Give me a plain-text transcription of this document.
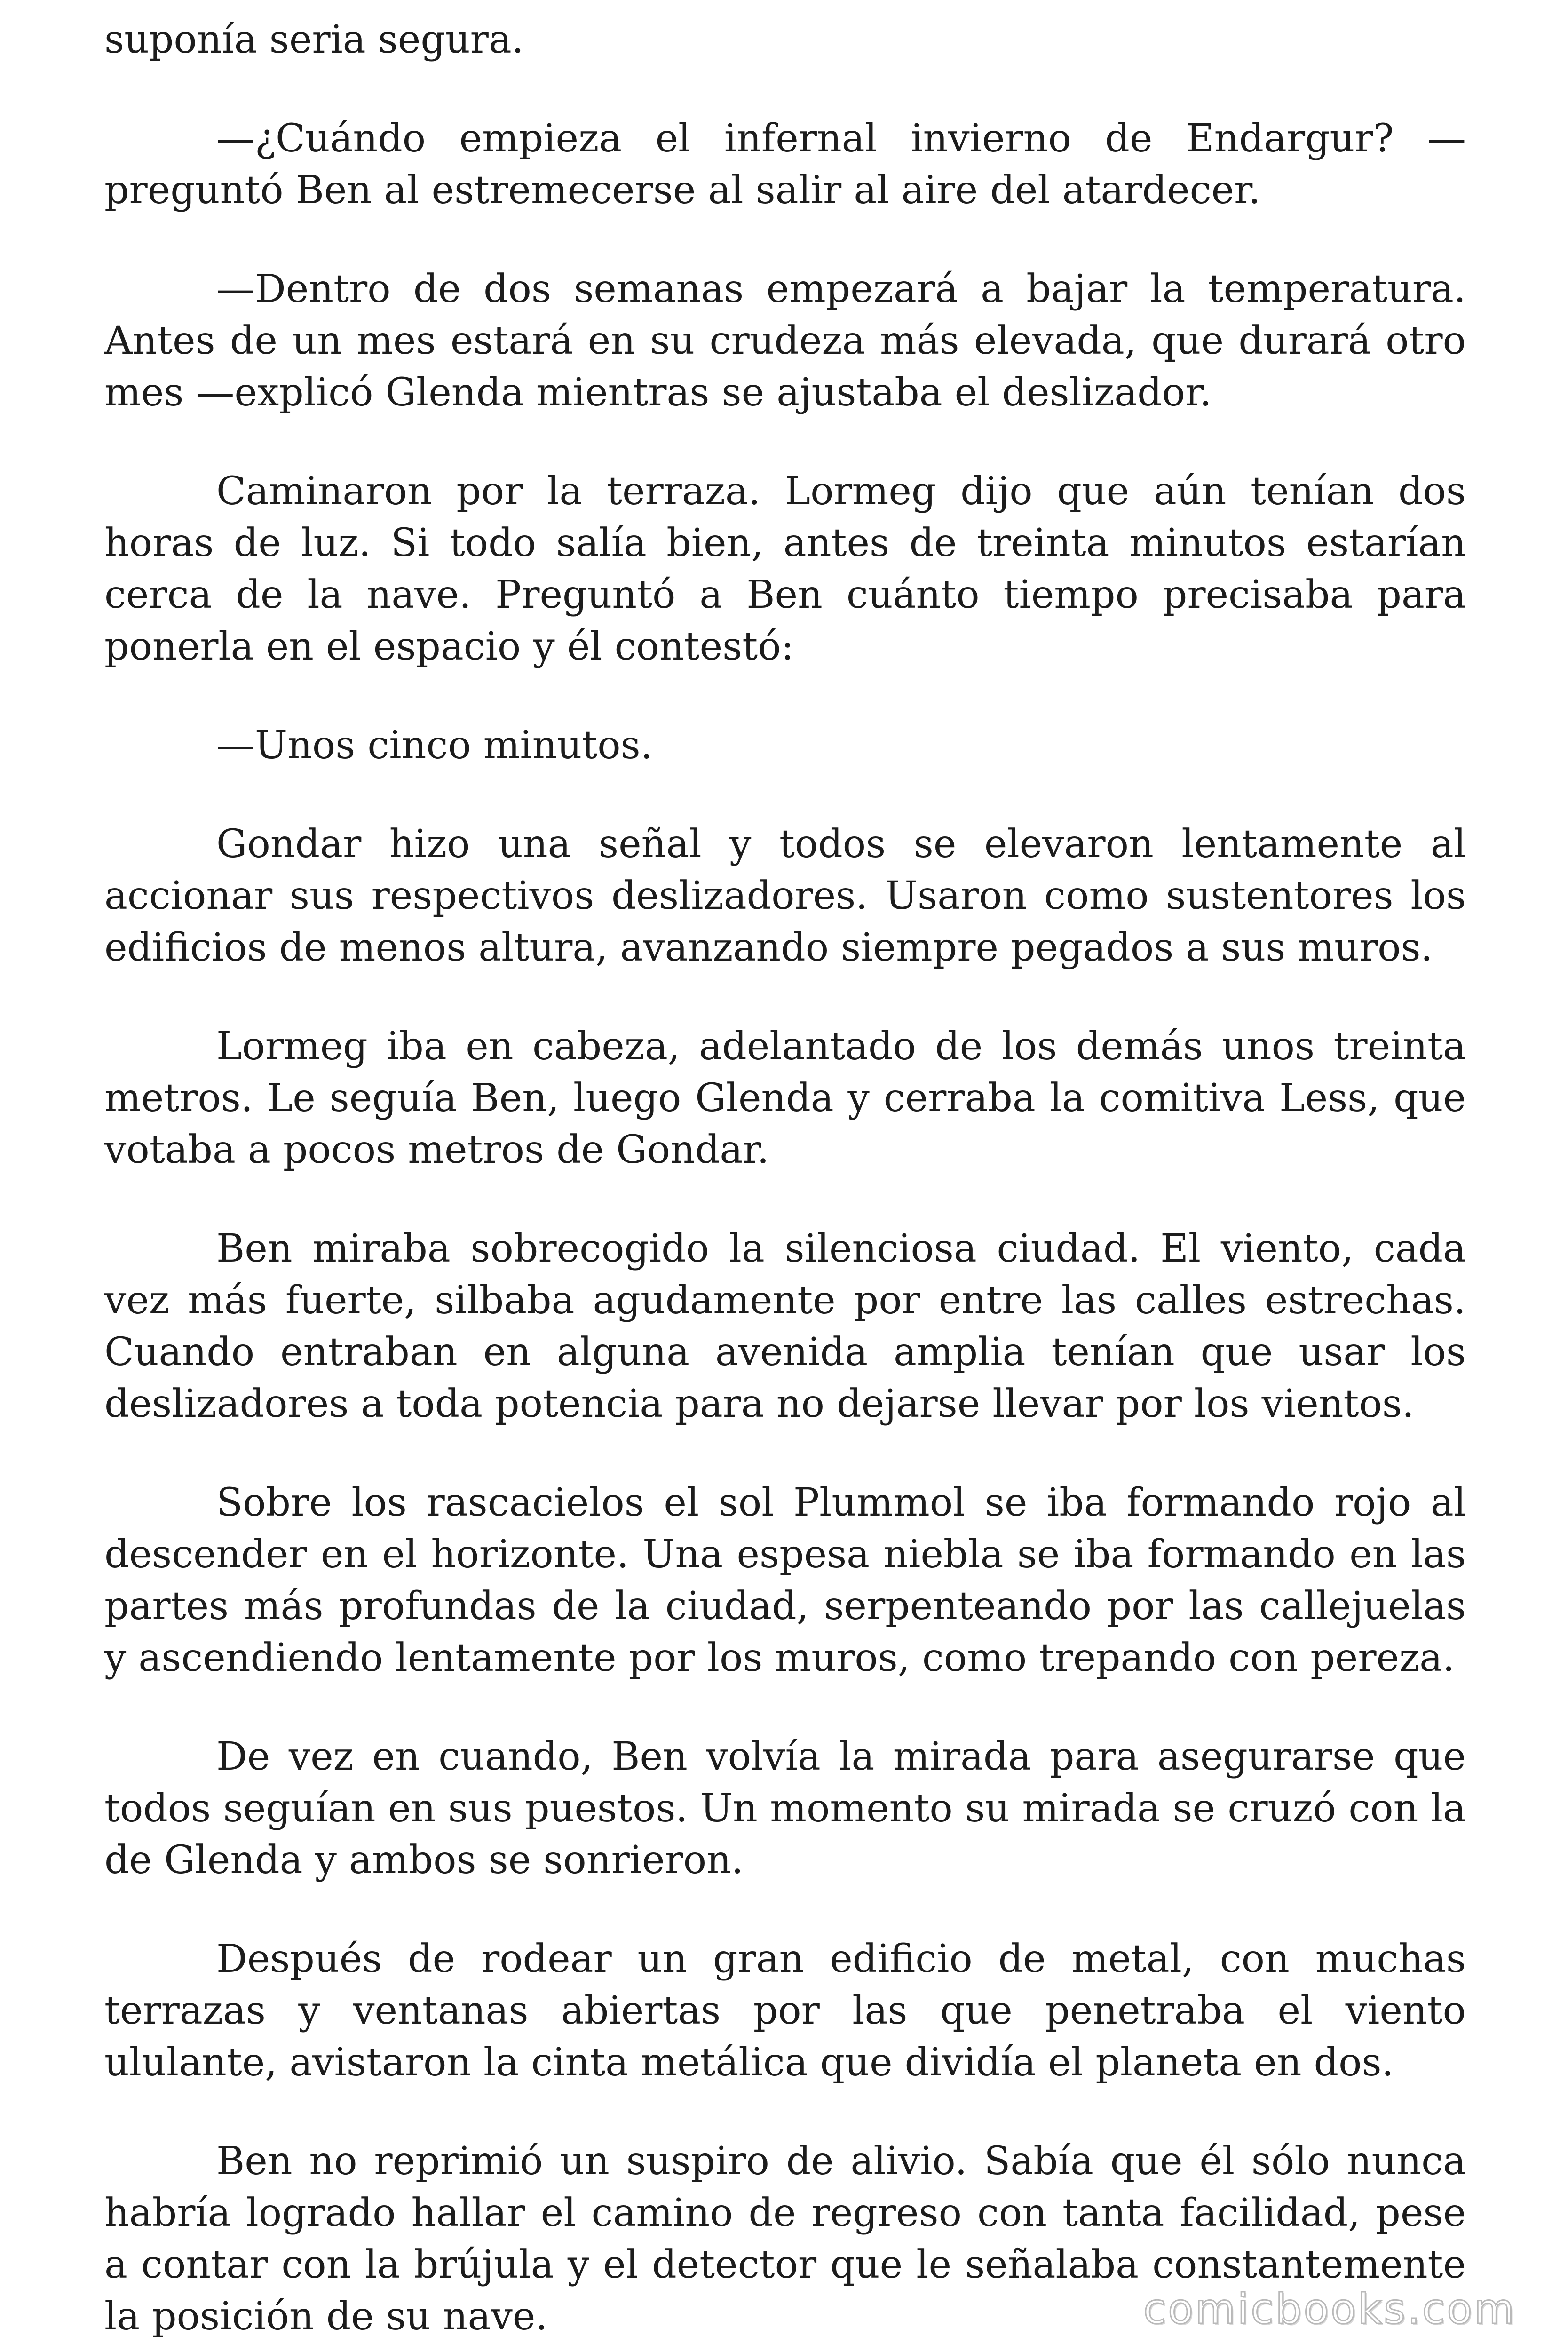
suponía seria segura.

—¿Cuándo empieza el infernal invierno de Endargur? —preguntó Ben al estremecerse al salir al aire del atardecer.

—Dentro de dos semanas empezará a bajar la temperatura. Antes de un mes estará en su crudeza más elevada, que durará otro mes —explicó Glenda mientras se ajustaba el deslizador.

Caminaron por la terraza. Lormeg dijo que aún tenían dos horas de luz. Si todo salía bien, antes de treinta minutos estarían cerca de la nave. Preguntó a Ben cuánto tiempo precisaba para ponerla en el espacio y él contestó:

—Unos cinco minutos.

Gondar hizo una señal y todos se elevaron lentamente al accionar sus respectivos deslizadores. Usaron como sustentores los edificios de menos altura, avanzando siempre pegados a sus muros.

Lormeg iba en cabeza, adelantado de los demás unos treinta metros. Le seguía Ben, luego Glenda y cerraba la comitiva Less, que votaba a pocos metros de Gondar.

Ben miraba sobrecogido la silenciosa ciudad. El viento, cada vez más fuerte, silbaba agudamente por entre las calles estrechas. Cuando entraban en alguna avenida amplia tenían que usar los deslizadores a toda potencia para no dejarse llevar por los vientos.

Sobre los rascacielos el sol Plummol se iba formando rojo al descender en el horizonte. Una espesa niebla se iba formando en las partes más profundas de la ciudad, serpenteando por las callejuelas y ascendiendo lentamente por los muros, como trepando con pereza.

De vez en cuando, Ben volvía la mirada para asegurarse que todos seguían en sus puestos. Un momento su mirada se cruzó con la de Glenda y ambos se sonrieron.

Después de rodear un gran edificio de metal, con muchas terrazas y ventanas abiertas por las que penetraba el viento ululante, avistaron la cinta metálica que dividía el planeta en dos.

Ben no reprimió un suspiro de alivio. Sabía que él sólo nunca habría logrado hallar el camino de regreso con tanta facilidad, pese a contar con la brújula y el detector que le señalaba constantemente la posición de su nave.	comicbooks.com
